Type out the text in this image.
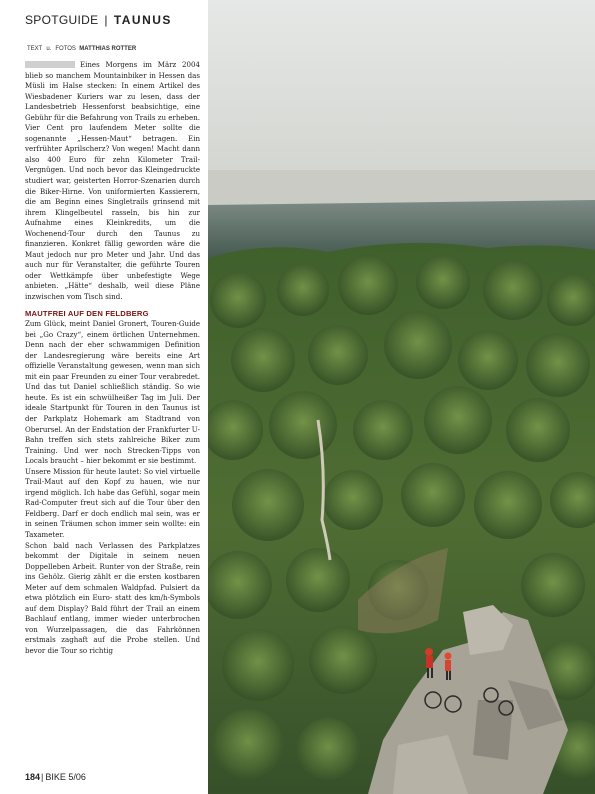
SPOTGUIDE | TAUNUS
TEXT u. FOTOS MATTHIAS ROTTER

Eines Morgens im März 2004 blieb so manchem Mountainbiker in Hessen das Müsli im Halse stecken: In einem Artikel des Wiesbadener Kuriers war zu lesen, dass der Landesbetrieb Hessenforst beabsichtige, eine Gebühr für die Befahrung von Trails zu erheben. Vier Cent pro laufendem Meter sollte die sogenannte „Hessen-Maut“ betragen. Ein verfrühter Aprilscherz? Von wegen! Macht dann also 400 Euro für zehn Kilometer Trail-Vergnügen. Und noch bevor das Kleingedruckte studiert war, geisterten Horror-Szenarien durch die Biker-Hirne. Von uniformierten Kassierern, die am Beginn eines Singletrails grinsend mit ihrem Klingelbeutel rasseln, bis hin zur Aufnahme eines Kleinkredits, um die Wochenend-Tour durch den Taunus zu finanzieren. Konkret fällig geworden wäre die Maut jedoch nur pro Meter und Jahr. Und das auch nur für Veranstalter, die geführte Touren oder Wettkämpfe über unbefestigte Wege anbieten. „Hätte“ deshalb, weil diese Pläne inzwischen vom Tisch sind.

MAUTFREI AUF DEN FELDBERG

Zum Glück, meint Daniel Gronert, Touren-Guide bei „Go Crazy“, einem örtlichen Unternehmen. Denn nach der eher schwammigen Definition der Landesregierung wäre bereits eine Art offizielle Veranstaltung gewesen, wenn man sich mit ein paar Freunden zu einer Tour verabredet. Und das tut Daniel schließlich ständig. So wie heute. Es ist ein schwülheißer Tag im Juli. Der ideale Startpunkt für Touren in den Taunus ist der Parkplatz Hohemark am Stadtrand von Oberursel. An der Endstation der Frankfurter U-Bahn treffen sich stets zahlreiche Biker zum Training. Und wer noch Strecken-Tipps von Locals braucht – hier bekommt er sie bestimmt.

Unsere Mission für heute lautet: So viel virtuelle Trail-Maut auf den Kopf zu hauen, wie nur irgend möglich. Ich habe das Gefühl, sogar mein Rad-Computer freut sich auf die Tour über den Feldberg. Darf er doch endlich mal sein, was er in seinen Träumen schon immer sein wollte: ein Taxameter.

Schon bald nach Verlassen des Parkplatzes bekommt der Digitale in seinem neuen Doppelleben Arbeit. Runter von der Straße, rein ins Gehölz. Gierig zählt er die ersten kostbaren Meter auf dem schmalen Waldpfad. Pulsiert da etwa plötzlich ein Euro- statt des km/h-Symbols auf dem Display? Bald führt der Trail an einem Bachlauf entlang, immer wieder unterbrochen von Wurzelpassagen, die das Fahrkönnen erstmals zaghaft auf die Probe stellen. Und bevor die Tour so richtig

184| BIKE 5/06
